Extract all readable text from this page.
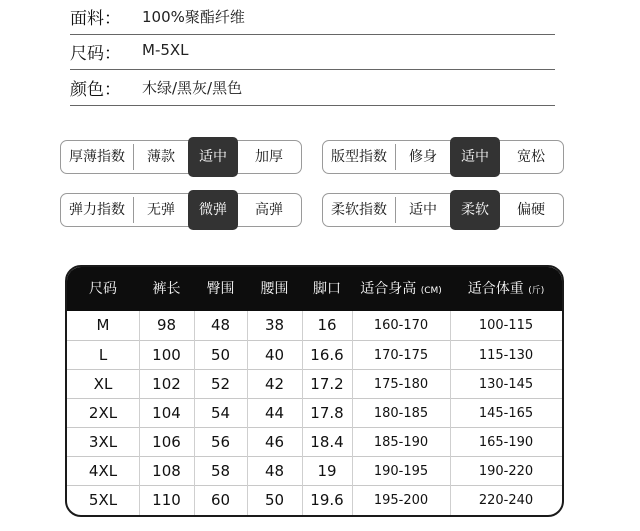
面料： 100%聚酯纤维
尺码： M-5XL
颜色： 木绿/黑灰/黑色
厚薄指数	薄款	适中	加厚	版型指数	修身	适中	宽松
弹力指数	无弹	微弹	高弹	柔软指数	适中	柔软	偏硬
尺码	裤长	臀围	腰围	脚口	适合身高 (CM)	适合体重 (斤)
M	98	48	38	16	160-170	100-115
L	100	50	40	16.6	170-175	115-130
XL	102	52	42	17.2	175-180	130-145
2XL	104	54	44	17.8	180-185	145-165
3XL	106	56	46	18.4	185-190	165-190
4XL	108	58	48	19	190-195	190-220
5XL	110	60	50	19.6	195-200	220-240
